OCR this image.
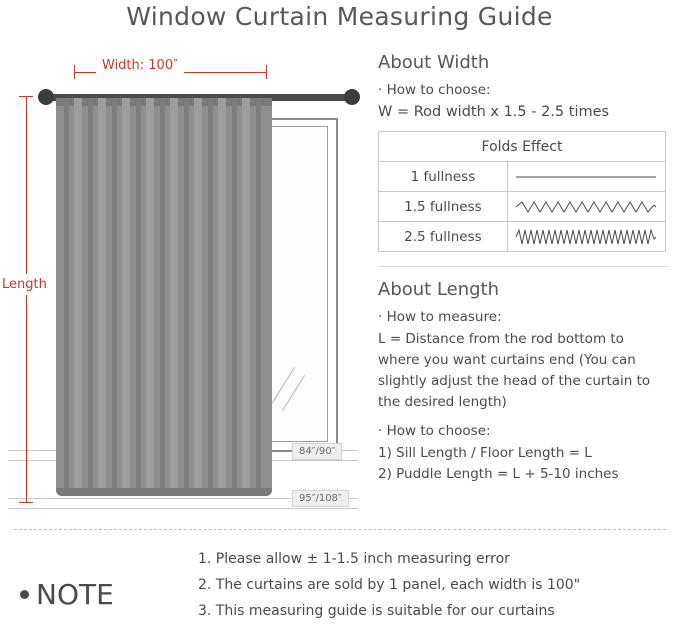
Window Curtain Measuring Guide
Width: 100″
Length
84″/90″
95″/108″
About Width
· How to choose:
W = Rod width x 1.5 - 2.5 times
Folds Effect	
1 fullness	

1.5 fullness	

2.5 fullness	
About Length
· How to measure:
L = Distance from the rod bottom to
where you want curtains end (You can
slightly adjust the head of the curtain to
the desired length)
· How to choose:
1) Sill Length / Floor Length = L
2) Puddle Length = L + 5-10 inches
NOTE
1. Please allow ± 1-1.5 inch measuring error
2. The curtains are sold by 1 panel, each width is 100"
3. This measuring guide is suitable for our curtains
